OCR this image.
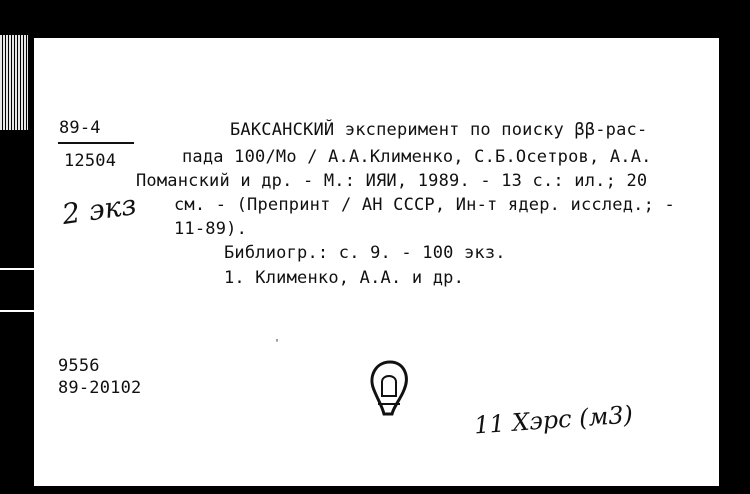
89-4
12504
2 экз
БАКСАНСКИЙ эксперимент по поиску ββ-рас-
пада 100/Mo / А.А.Клименко, С.Б.Осетров, А.А.
Поманский и др. - М.: ИЯИ, 1989. - 13 с.: ил.; 20
см. - (Препринт / АН СССР, Ин-т ядер. исслед.; -
11-89).
Библиогр.: с. 9. - 100 экз.
1. Клименко, А.А. и др.
9556
89-20102
'
11 Хэрс (м3)
